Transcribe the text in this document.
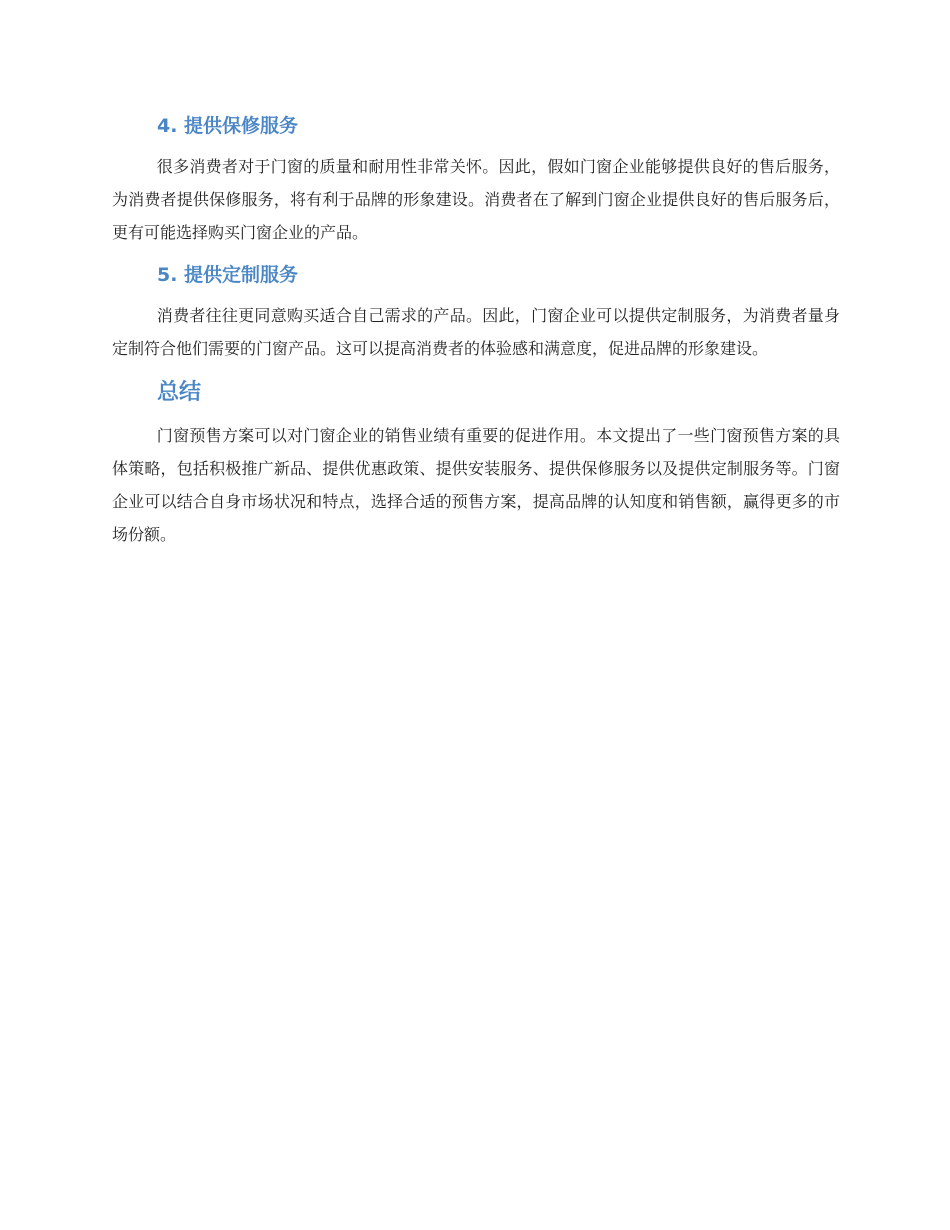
4. 提供保修服务

很多消费者对于门窗的质量和耐用性非常关怀。因此，假如门窗企业能够提供良好的售后服务，为消费者提供保修服务，将有利于品牌的形象建设。消费者在了解到门窗企业提供良好的售后服务后，更有可能选择购买门窗企业的产品。

5. 提供定制服务

消费者往往更同意购买适合自己需求的产品。因此，门窗企业可以提供定制服务，为消费者量身定制符合他们需要的门窗产品。这可以提高消费者的体验感和满意度，促进品牌的形象建设。

总结

门窗预售方案可以对门窗企业的销售业绩有重要的促进作用。本文提出了一些门窗预售方案的具体策略，包括积极推广新品、提供优惠政策、提供安装服务、提供保修服务以及提供定制服务等。门窗企业可以结合自身市场状况和特点，选择合适的预售方案，提高品牌的认知度和销售额，赢得更多的市场份额。
